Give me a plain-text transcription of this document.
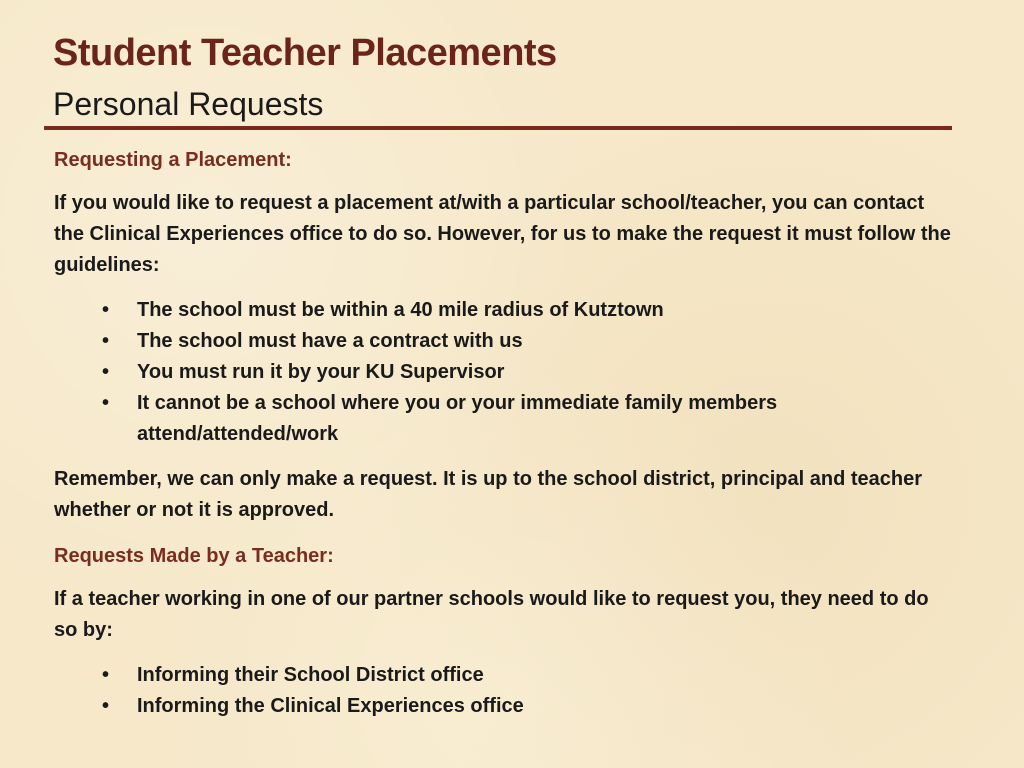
Student Teacher Placements
Personal Requests

Requesting a Placement:

If you would like to request a placement at/with a particular school/teacher, you can contact the Clinical Experiences office to do so. However, for us to make the request it must follow the guidelines:

• The school must be within a 40 mile radius of Kutztown
• The school must have a contract with us
• You must run it by your KU Supervisor
• It cannot be a school where you or your immediate family members attend/attended/work

Remember, we can only make a request. It is up to the school district, principal and teacher whether or not it is approved.

Requests Made by a Teacher:

If a teacher working in one of our partner schools would like to request you, they need to do so by:

• Informing their School District office
• Informing the Clinical Experiences office
